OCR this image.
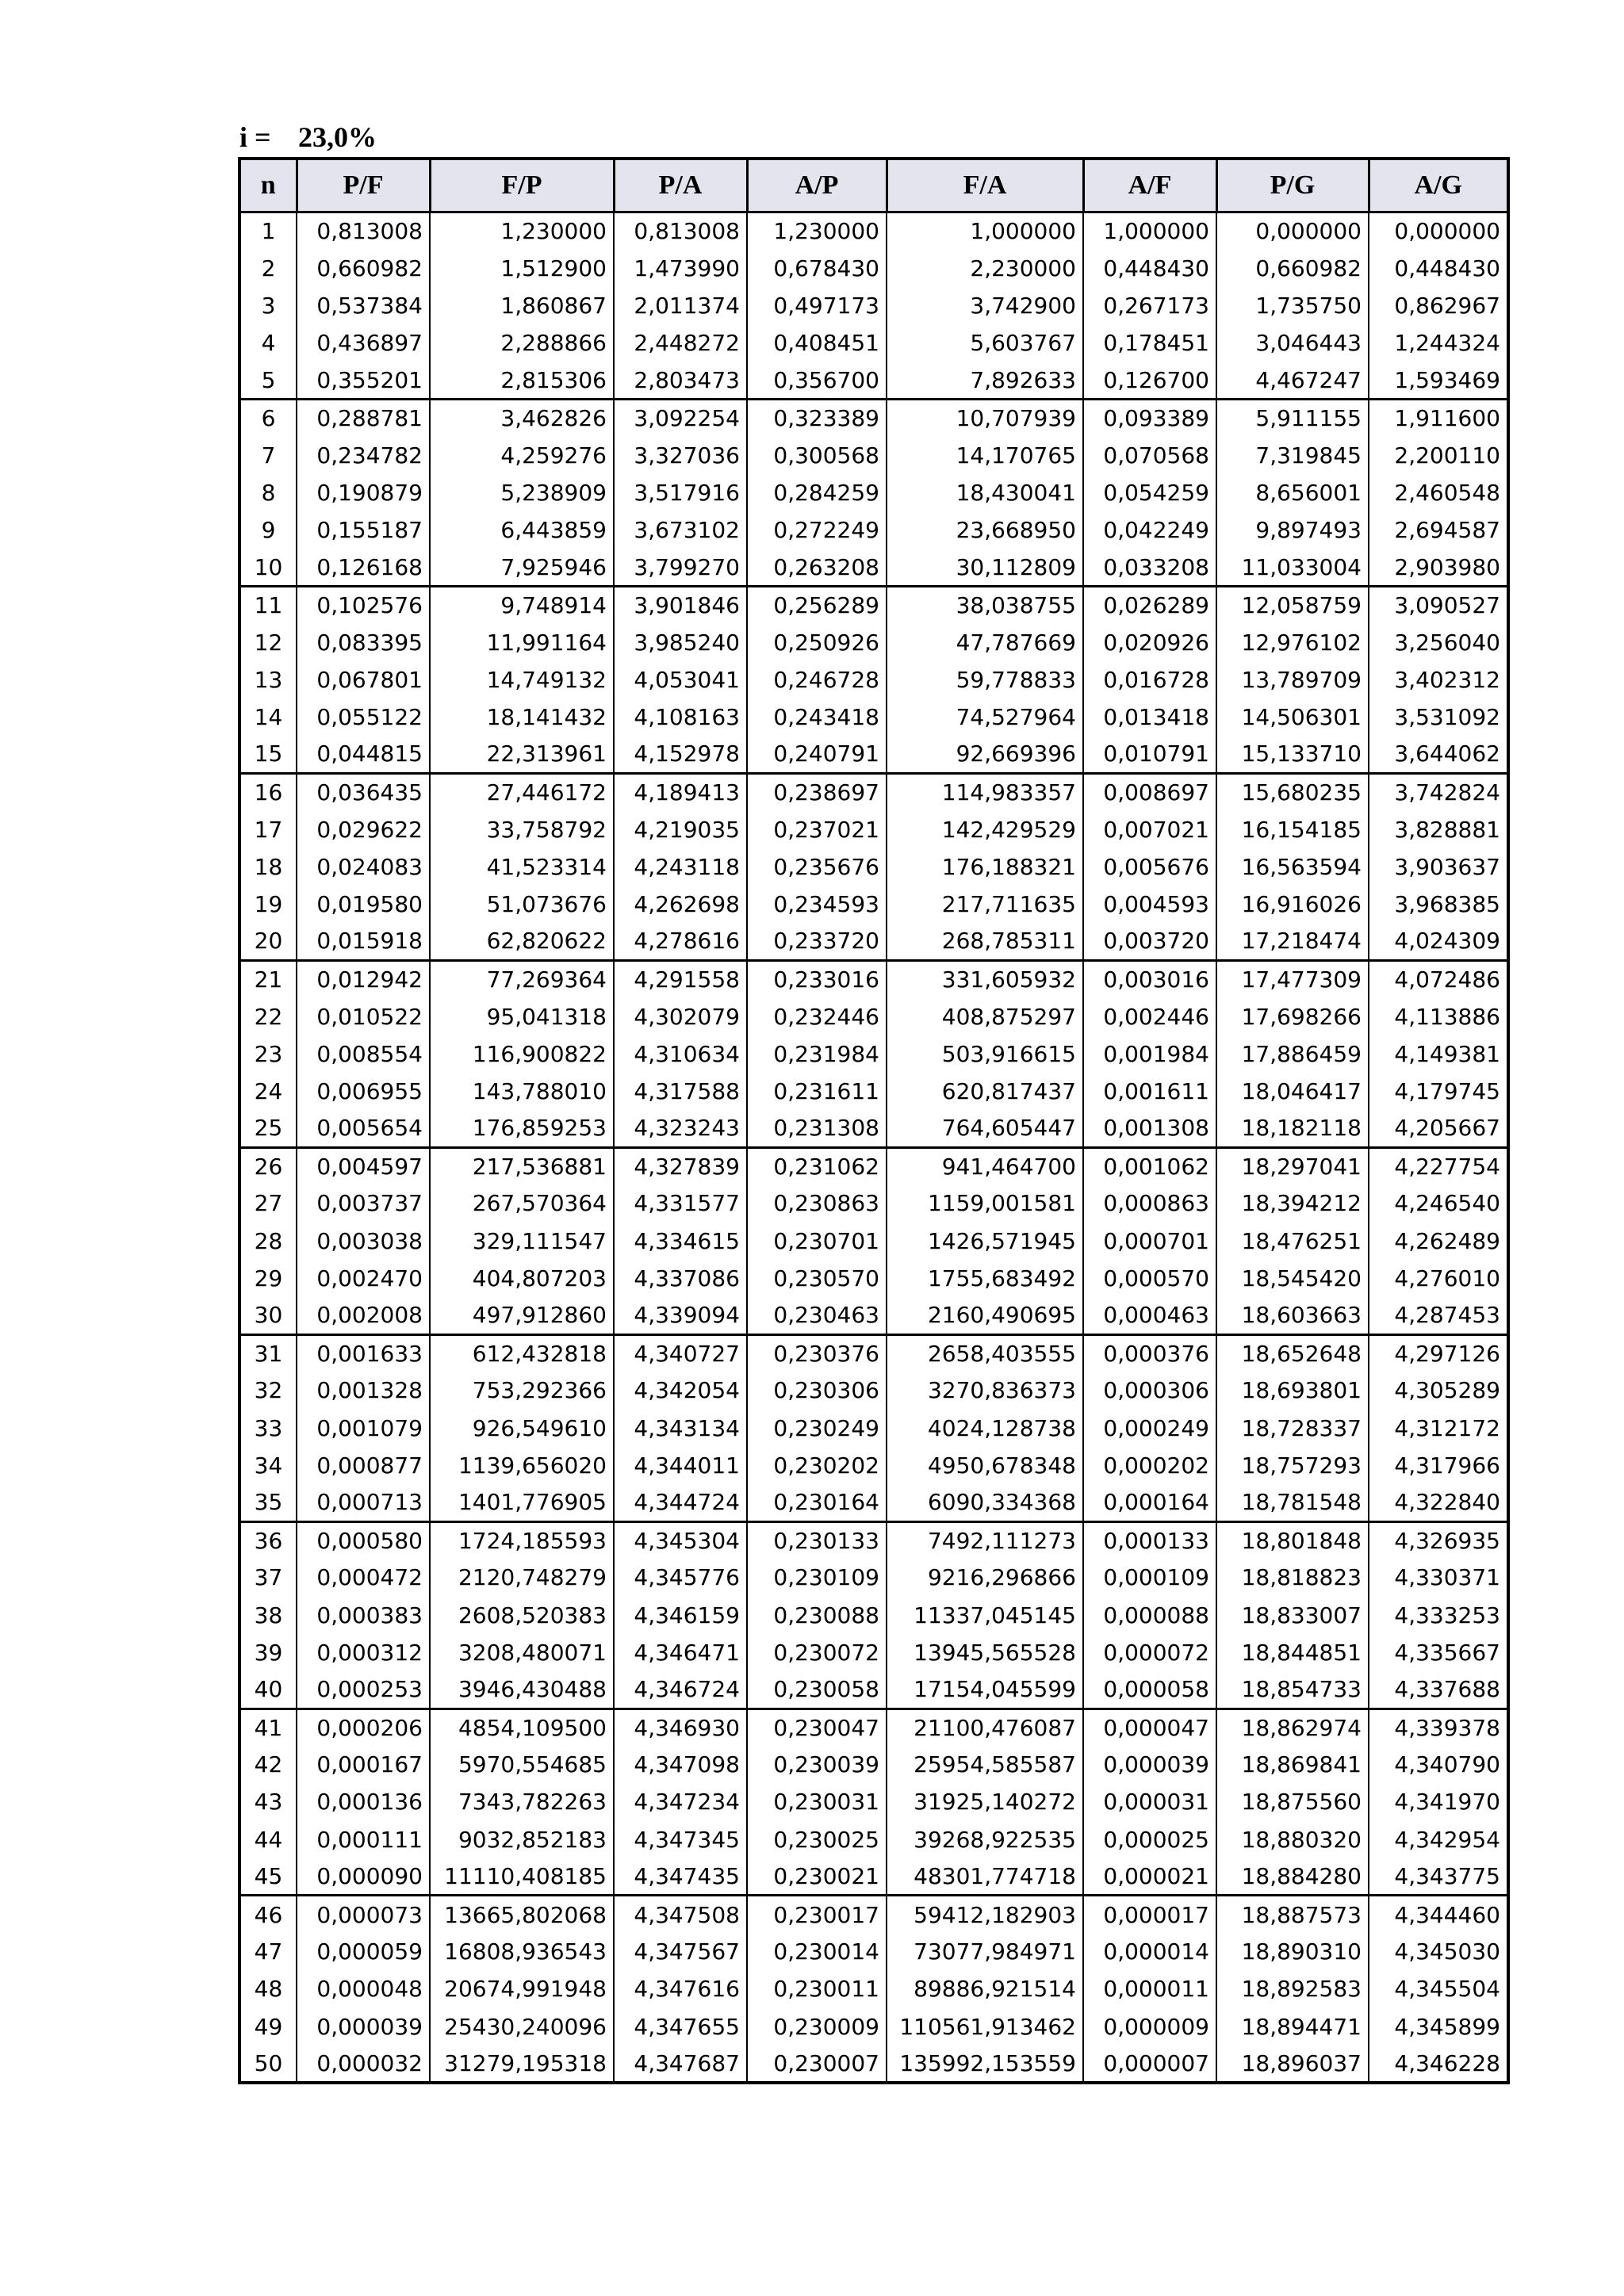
i = 23,0%
n	P/F	F/P	P/A	A/P	F/A	A/F	P/G	A/G
1	0,813008	1,230000	0,813008	1,230000	1,000000	1,000000	0,000000	0,000000
2	0,660982	1,512900	1,473990	0,678430	2,230000	0,448430	0,660982	0,448430
3	0,537384	1,860867	2,011374	0,497173	3,742900	0,267173	1,735750	0,862967
4	0,436897	2,288866	2,448272	0,408451	5,603767	0,178451	3,046443	1,244324
5	0,355201	2,815306	2,803473	0,356700	7,892633	0,126700	4,467247	1,593469
6	0,288781	3,462826	3,092254	0,323389	10,707939	0,093389	5,911155	1,911600
7	0,234782	4,259276	3,327036	0,300568	14,170765	0,070568	7,319845	2,200110
8	0,190879	5,238909	3,517916	0,284259	18,430041	0,054259	8,656001	2,460548
9	0,155187	6,443859	3,673102	0,272249	23,668950	0,042249	9,897493	2,694587
10	0,126168	7,925946	3,799270	0,263208	30,112809	0,033208	11,033004	2,903980
11	0,102576	9,748914	3,901846	0,256289	38,038755	0,026289	12,058759	3,090527
12	0,083395	11,991164	3,985240	0,250926	47,787669	0,020926	12,976102	3,256040
13	0,067801	14,749132	4,053041	0,246728	59,778833	0,016728	13,789709	3,402312
14	0,055122	18,141432	4,108163	0,243418	74,527964	0,013418	14,506301	3,531092
15	0,044815	22,313961	4,152978	0,240791	92,669396	0,010791	15,133710	3,644062
16	0,036435	27,446172	4,189413	0,238697	114,983357	0,008697	15,680235	3,742824
17	0,029622	33,758792	4,219035	0,237021	142,429529	0,007021	16,154185	3,828881
18	0,024083	41,523314	4,243118	0,235676	176,188321	0,005676	16,563594	3,903637
19	0,019580	51,073676	4,262698	0,234593	217,711635	0,004593	16,916026	3,968385
20	0,015918	62,820622	4,278616	0,233720	268,785311	0,003720	17,218474	4,024309
21	0,012942	77,269364	4,291558	0,233016	331,605932	0,003016	17,477309	4,072486
22	0,010522	95,041318	4,302079	0,232446	408,875297	0,002446	17,698266	4,113886
23	0,008554	116,900822	4,310634	0,231984	503,916615	0,001984	17,886459	4,149381
24	0,006955	143,788010	4,317588	0,231611	620,817437	0,001611	18,046417	4,179745
25	0,005654	176,859253	4,323243	0,231308	764,605447	0,001308	18,182118	4,205667
26	0,004597	217,536881	4,327839	0,231062	941,464700	0,001062	18,297041	4,227754
27	0,003737	267,570364	4,331577	0,230863	1159,001581	0,000863	18,394212	4,246540
28	0,003038	329,111547	4,334615	0,230701	1426,571945	0,000701	18,476251	4,262489
29	0,002470	404,807203	4,337086	0,230570	1755,683492	0,000570	18,545420	4,276010
30	0,002008	497,912860	4,339094	0,230463	2160,490695	0,000463	18,603663	4,287453
31	0,001633	612,432818	4,340727	0,230376	2658,403555	0,000376	18,652648	4,297126
32	0,001328	753,292366	4,342054	0,230306	3270,836373	0,000306	18,693801	4,305289
33	0,001079	926,549610	4,343134	0,230249	4024,128738	0,000249	18,728337	4,312172
34	0,000877	1139,656020	4,344011	0,230202	4950,678348	0,000202	18,757293	4,317966
35	0,000713	1401,776905	4,344724	0,230164	6090,334368	0,000164	18,781548	4,322840
36	0,000580	1724,185593	4,345304	0,230133	7492,111273	0,000133	18,801848	4,326935
37	0,000472	2120,748279	4,345776	0,230109	9216,296866	0,000109	18,818823	4,330371
38	0,000383	2608,520383	4,346159	0,230088	11337,045145	0,000088	18,833007	4,333253
39	0,000312	3208,480071	4,346471	0,230072	13945,565528	0,000072	18,844851	4,335667
40	0,000253	3946,430488	4,346724	0,230058	17154,045599	0,000058	18,854733	4,337688
41	0,000206	4854,109500	4,346930	0,230047	21100,476087	0,000047	18,862974	4,339378
42	0,000167	5970,554685	4,347098	0,230039	25954,585587	0,000039	18,869841	4,340790
43	0,000136	7343,782263	4,347234	0,230031	31925,140272	0,000031	18,875560	4,341970
44	0,000111	9032,852183	4,347345	0,230025	39268,922535	0,000025	18,880320	4,342954
45	0,000090	11110,408185	4,347435	0,230021	48301,774718	0,000021	18,884280	4,343775
46	0,000073	13665,802068	4,347508	0,230017	59412,182903	0,000017	18,887573	4,344460
47	0,000059	16808,936543	4,347567	0,230014	73077,984971	0,000014	18,890310	4,345030
48	0,000048	20674,991948	4,347616	0,230011	89886,921514	0,000011	18,892583	4,345504
49	0,000039	25430,240096	4,347655	0,230009	110561,913462	0,000009	18,894471	4,345899
50	0,000032	31279,195318	4,347687	0,230007	135992,153559	0,000007	18,896037	4,346228
